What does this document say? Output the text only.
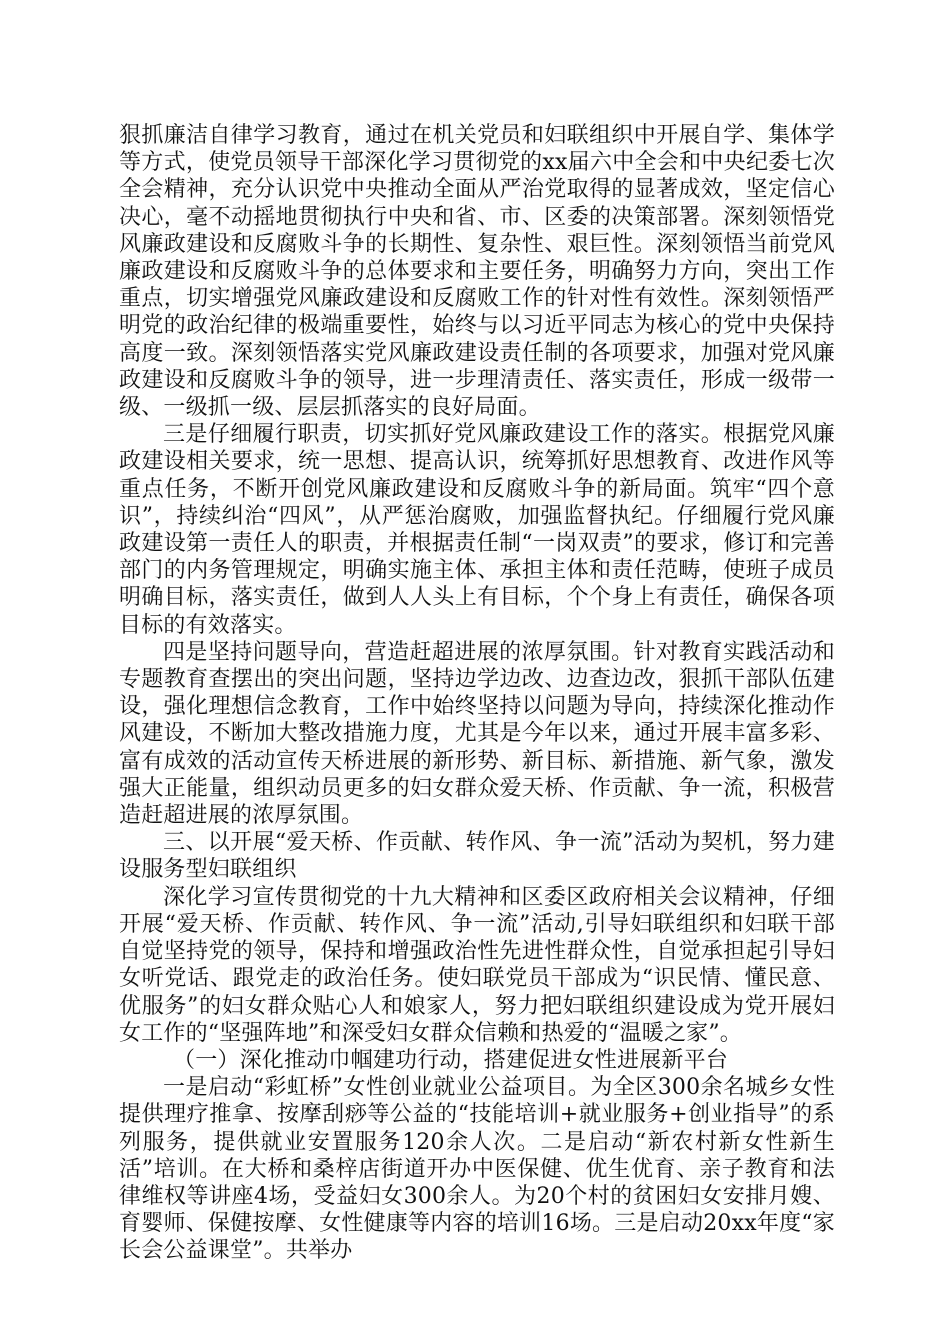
狠抓廉洁自律学习教育，通过在机关党员和妇联组织中开展自学、集体学等方式，使党员领导干部深化学习贯彻党的xx届六中全会和中央纪委七次全会精神，充分认识党中央推动全面从严治党取得的显著成效，坚定信心决心，毫不动摇地贯彻执行中央和省、市、区委的决策部署。深刻领悟党风廉政建设和反腐败斗争的长期性、复杂性、艰巨性。深刻领悟当前党风廉政建设和反腐败斗争的总体要求和主要任务，明确努力方向，突出工作重点，切实增强党风廉政建设和反腐败工作的针对性有效性。深刻领悟严明党的政治纪律的极端重要性，始终与以习近平同志为核心的党中央保持高度一致。深刻领悟落实党风廉政建设责任制的各项要求，加强对党风廉政建设和反腐败斗争的领导，进一步理清责任、落实责任，形成一级带一级、一级抓一级、层层抓落实的良好局面。

三是仔细履行职责，切实抓好党风廉政建设工作的落实。根据党风廉政建设相关要求，统一思想、提高认识，统筹抓好思想教育、改进作风等重点任务，不断开创党风廉政建设和反腐败斗争的新局面。筑牢“四个意识”，持续纠治“四风”，从严惩治腐败，加强监督执纪。仔细履行党风廉政建设第一责任人的职责，并根据责任制“一岗双责”的要求，修订和完善部门的内务管理规定，明确实施主体、承担主体和责任范畴，使班子成员明确目标，落实责任，做到人人头上有目标，个个身上有责任，确保各项目标的有效落实。

四是坚持问题导向，营造赶超进展的浓厚氛围。针对教育实践活动和专题教育查摆出的突出问题，坚持边学边改、边查边改，狠抓干部队伍建设，强化理想信念教育，工作中始终坚持以问题为导向，持续深化推动作风建设，不断加大整改措施力度，尤其是今年以来，通过开展丰富多彩、富有成效的活动宣传天桥进展的新形势、新目标、新措施、新气象，激发强大正能量，组织动员更多的妇女群众爱天桥、作贡献、争一流，积极营造赶超进展的浓厚氛围。

三、以开展“爱天桥、作贡献、转作风、争一流”活动为契机，努力建设服务型妇联组织

深化学习宣传贯彻党的十九大精神和区委区政府相关会议精神，仔细开展“爱天桥、作贡献、转作风、争一流”活动,引导妇联组织和妇联干部自觉坚持党的领导，保持和增强政治性先进性群众性，自觉承担起引导妇女听党话、跟党走的政治任务。使妇联党员干部成为“识民情、懂民意、优服务”的妇女群众贴心人和娘家人，努力把妇联组织建设成为党开展妇女工作的“坚强阵地”和深受妇女群众信赖和热爱的“温暖之家”。

（一）深化推动巾帼建功行动，搭建促进女性进展新平台

一是启动“彩虹桥”女性创业就业公益项目。为全区300余名城乡女性提供理疗推拿、按摩刮痧等公益的“技能培训+就业服务+创业指导”的系列服务，提供就业安置服务120余人次。二是启动“新农村新女性新生活”培训。在大桥和桑梓店街道开办中医保健、优生优育、亲子教育和法律维权等讲座4场，受益妇女300余人。为20个村的贫困妇女安排月嫂、育婴师、保健按摩、女性健康等内容的培训16场。三是启动20xx年度“家长会公益课堂”。共举办
